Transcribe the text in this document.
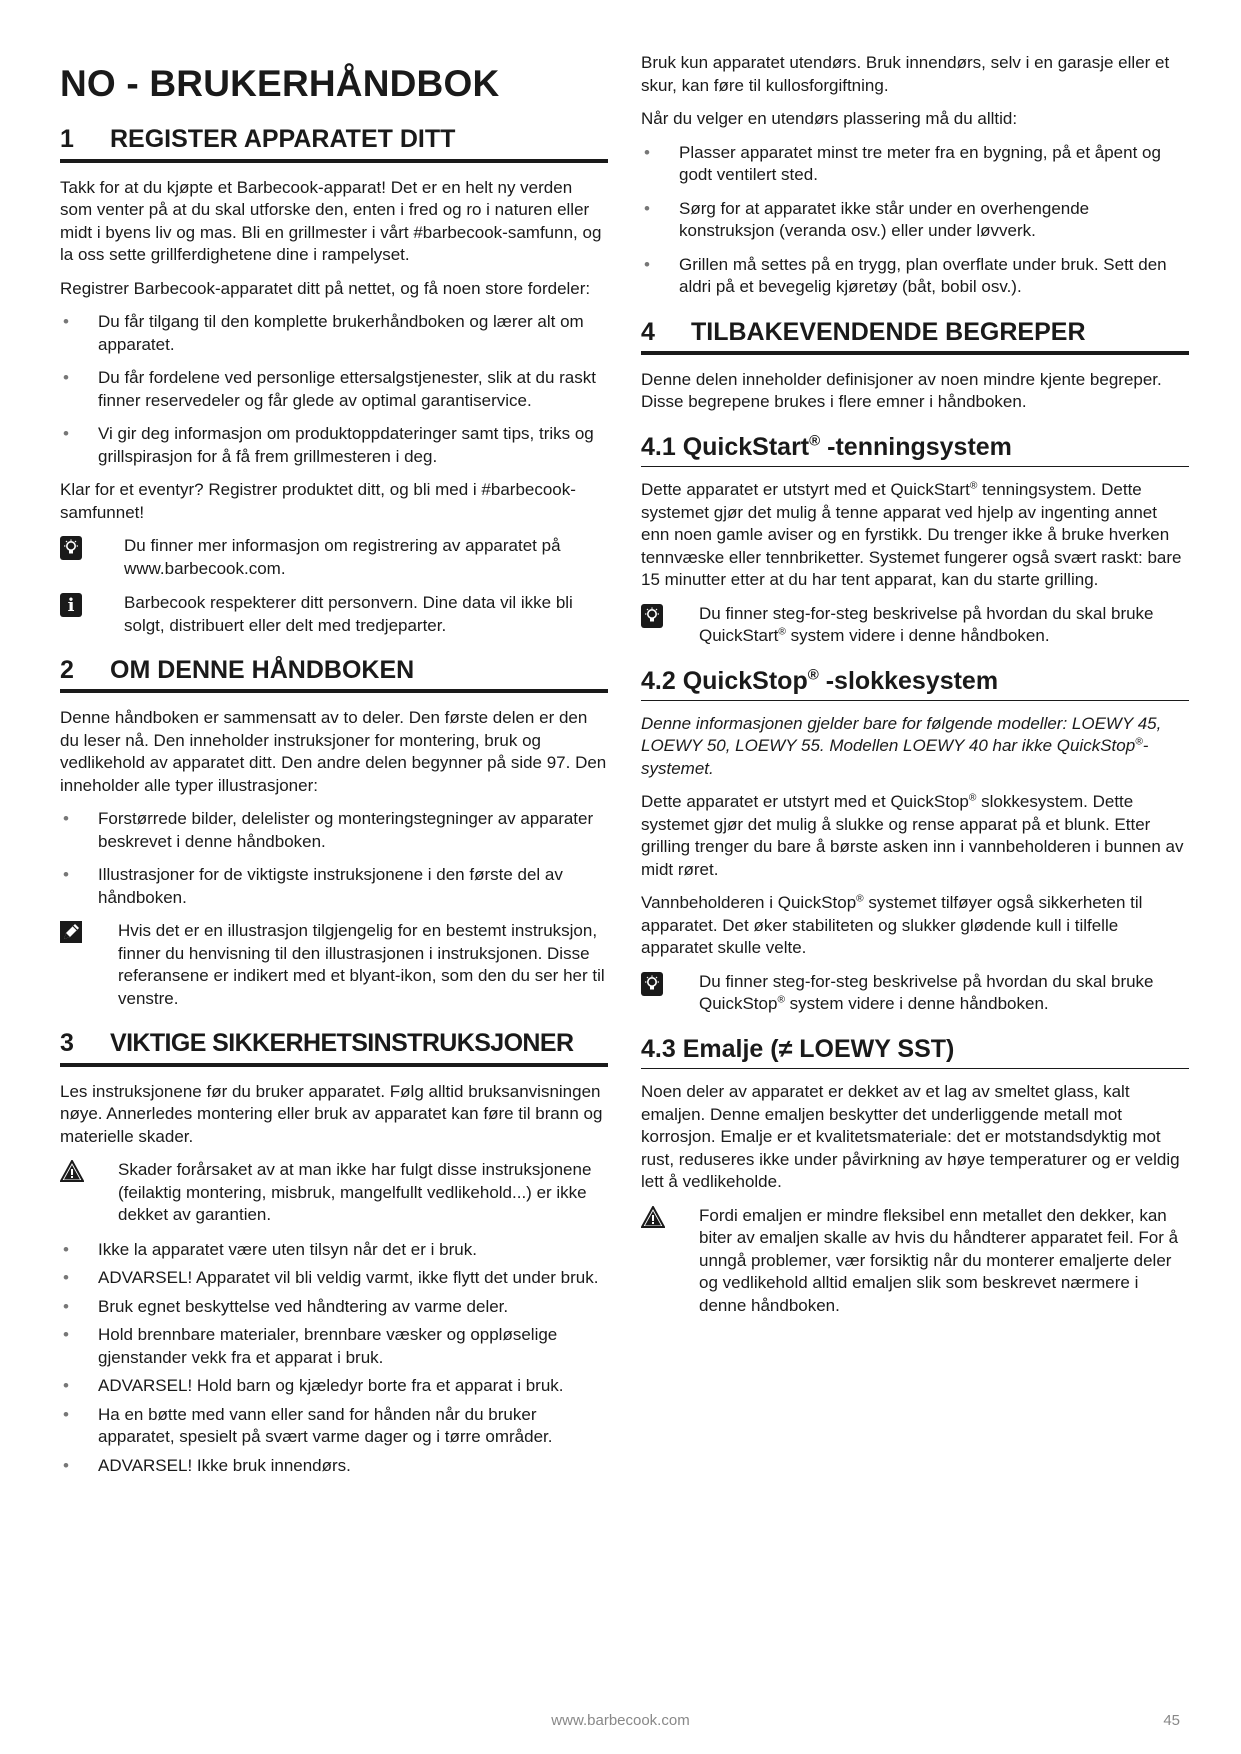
NO - BRUKERHÅNDBOK
1	REGISTER APPARATET DITT

Takk for at du kjøpte et Barbecook-apparat! Det er en helt ny verden som venter på at du skal utforske den, enten i fred og ro i naturen eller midt i byens liv og mas. Bli en grillmester i vårt #barbecook-samfunn, og la oss sette grillferdighetene dine i rampelyset.

Registrer Barbecook-apparatet ditt på nettet, og få noen store fordeler:

• Du får tilgang til den komplette brukerhåndboken og lærer alt om apparatet.
• Du får fordelene ved personlige ettersalgstjenester, slik at du raskt finner reservedeler og får glede av optimal garantiservice.
• Vi gir deg informasjon om produktoppdateringer samt tips, triks og grillspirasjon for å få frem grillmesteren i deg.

Klar for et eventyr? Registrer produktet ditt, og bli med i #barbecook-samfunnet!

Du finner mer informasjon om registrering av apparatet på www.barbecook.com.
i	Barbecook respekterer ditt personvern. Dine data vil ikke bli solgt, distribuert eller delt med tredjeparter.
2	OM DENNE HÅNDBOKEN

Denne håndboken er sammensatt av to deler. Den første delen er den du leser nå. Den inneholder instruksjoner for montering, bruk og vedlikehold av apparatet ditt. Den andre delen begynner på side 97. Den inneholder alle typer illustrasjoner:

• Forstørrede bilder, delelister og monteringstegninger av apparater beskrevet i denne håndboken.
• Illustrasjoner for de viktigste instruksjonene i den første del av håndboken.
Hvis det er en illustrasjon tilgjengelig for en bestemt instruksjon, finner du henvisning til den illustrasjonen i instruksjonen. Disse referansene er indikert med et blyant-ikon, som den du ser her til venstre.
3	VIKTIGE SIKKERHETSINSTRUKSJONER

Les instruksjonene før du bruker apparatet. Følg alltid bruksanvisningen nøye. Annerledes montering eller bruk av apparatet kan føre til brann og materielle skader.

Skader forårsaket av at man ikke har fulgt disse instruksjonene (feilaktig montering, misbruk, mangelfullt vedlikehold...) er ikke dekket av garantien.
• Ikke la apparatet være uten tilsyn når det er i bruk.
• ADVARSEL! Apparatet vil bli veldig varmt, ikke flytt det under bruk.
• Bruk egnet beskyttelse ved håndtering av varme deler.
• Hold brennbare materialer, brennbare væsker og oppløselige gjenstander vekk fra et apparat i bruk.
• ADVARSEL! Hold barn og kjæledyr borte fra et apparat i bruk.
• Ha en bøtte med vann eller sand for hånden når du bruker apparatet, spesielt på svært varme dager og i tørre områder.
• ADVARSEL! Ikke bruk innendørs.

Bruk kun apparatet utendørs. Bruk innendørs, selv i en garasje eller et skur, kan føre til kullosforgiftning.

Når du velger en utendørs plassering må du alltid:

• Plasser apparatet minst tre meter fra en bygning, på et åpent og godt ventilert sted.
• Sørg for at apparatet ikke står under en overhengende konstruksjon (veranda osv.) eller under løvverk.
• Grillen må settes på en trygg, plan overflate under bruk. Sett den aldri på et bevegelig kjøretøy (båt, bobil osv.).
4	TILBAKEVENDENDE BEGREPER

Denne delen inneholder definisjoner av noen mindre kjente begreper. Disse begrepene brukes i flere emner i håndboken.

4.1 QuickStart® -tenningsystem

Dette apparatet er utstyrt med et QuickStart® tenningsystem. Dette systemet gjør det mulig å tenne apparat ved hjelp av ingenting annet enn noen gamle aviser og en fyrstikk. Du trenger ikke å bruke hverken tennvæske eller tennbriketter. Systemet fungerer også svært raskt: bare 15 minutter etter at du har tent apparat, kan du starte grilling.

Du finner steg-for-steg beskrivelse på hvordan du skal bruke QuickStart® system videre i denne håndboken.
4.2 QuickStop® -slokkesystem

Denne informasjonen gjelder bare for følgende modeller: LOEWY 45, LOEWY 50, LOEWY 55. Modellen LOEWY 40 har ikke QuickStop®-systemet.

Dette apparatet er utstyrt med et QuickStop® slokkesystem. Dette systemet gjør det mulig å slukke og rense apparat på et blunk. Etter grilling trenger du bare å børste asken inn i vannbeholderen i bunnen av midt røret.

Vannbeholderen i QuickStop® systemet tilføyer også sikkerheten til apparatet. Det øker stabiliteten og slukker glødende kull i tilfelle apparatet skulle velte.

Du finner steg-for-steg beskrivelse på hvordan du skal bruke QuickStop® system videre i denne håndboken.
4.3 Emalje (≠ LOEWY SST)

Noen deler av apparatet er dekket av et lag av smeltet glass, kalt emaljen. Denne emaljen beskytter det underliggende metall mot korrosjon. Emalje er et kvalitetsmateriale: det er motstandsdyktig mot rust, reduseres ikke under påvirkning av høye temperaturer og er veldig lett å vedlikeholde.

Fordi emaljen er mindre fleksibel enn metallet den dekker, kan biter av emaljen skalle av hvis du håndterer apparatet feil. For å unngå problemer, vær forsiktig når du monterer emaljerte deler og vedlikehold alltid emaljen slik som beskrevet nærmere i denne håndboken.
www.barbecook.com	45
